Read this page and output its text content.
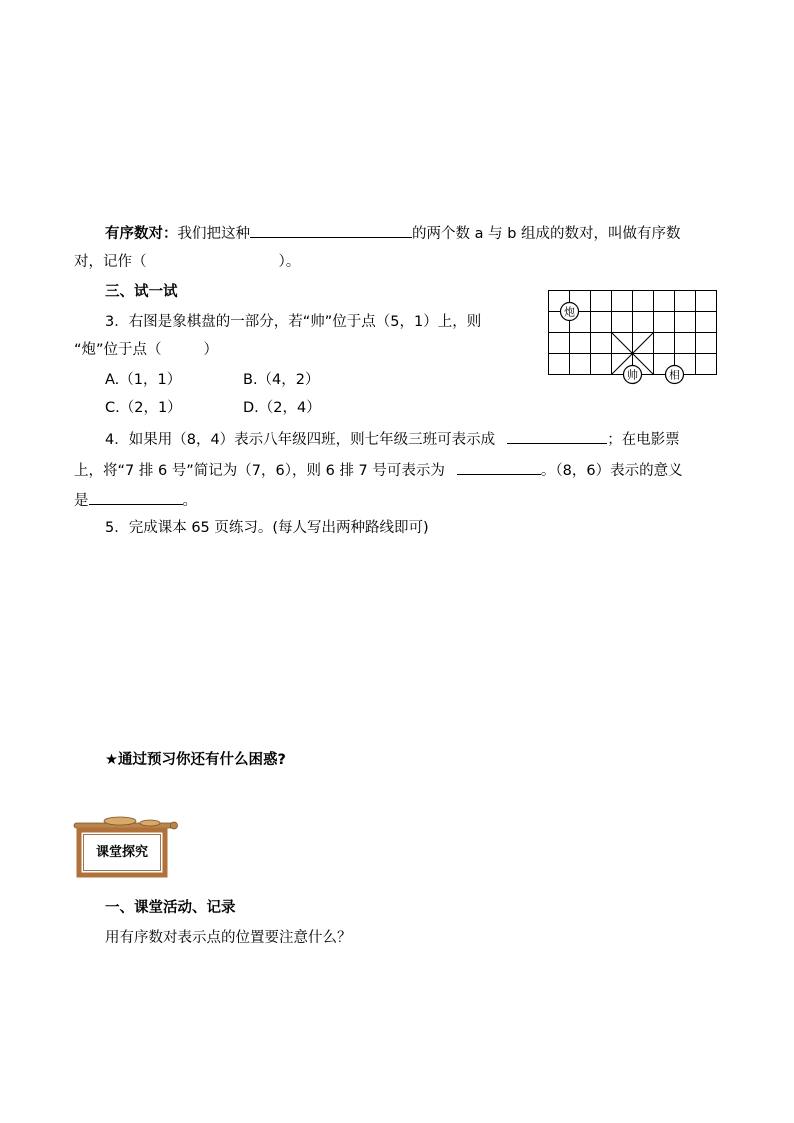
有序数对：我们把这种	的两个数 a 与 b 组成的数对，叫做有序数
对，记作（	）。
三、试一试
3．右图是象棋盘的一部分，若“帅”位于点（5，1）上，则
“炮”位于点（	）
A.（1，1）	B.（4，2）
C.（2，1）	D.（2，4）
炮
帅	相
4．如果用（8，4）表示八年级四班，则七年级三班可表示成	；在电影票
上，将“7 排 6 号”简记为（7，6），则 6 排 7 号可表示为	。（8，6）表示的意义
是	。
5．完成课本 65 页练习。(每人写出两种路线即可)
★通过预习你还有什么困惑?
课堂探究
一、课堂活动、记录
用有序数对表示点的位置要注意什么？
